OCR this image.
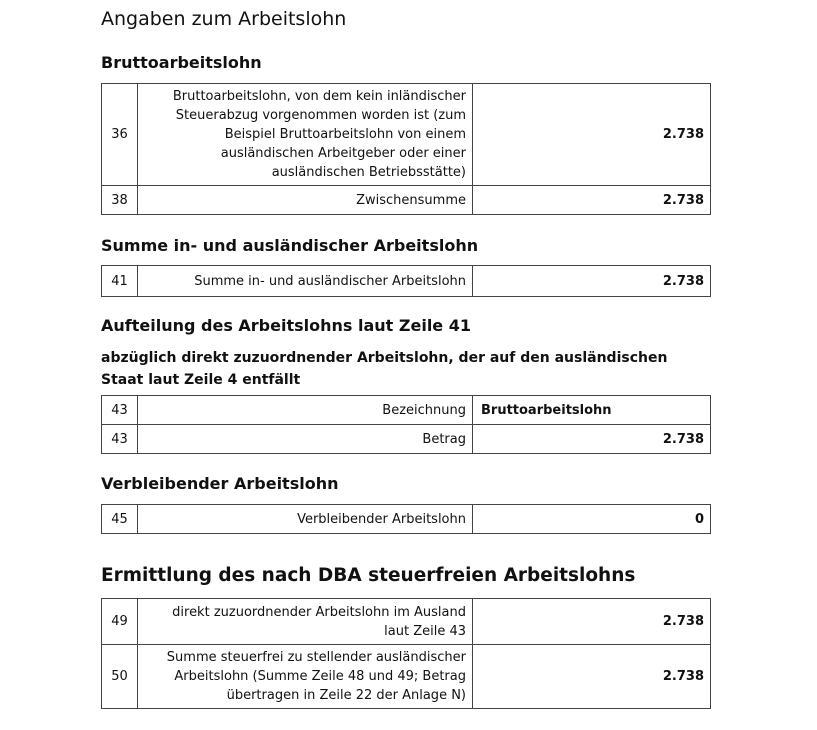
Angaben zum Arbeitslohn
Bruttoarbeitslohn
36	Bruttoarbeitslohn, von dem kein inländischer Steuerabzug vorgenommen worden ist (zum Beispiel Bruttoarbeitslohn von einem ausländischen Arbeitgeber oder einer ausländischen Betriebsstätte)	2.738
38	Zwischensumme	2.738
Summe in- und ausländischer Arbeitslohn
41	Summe in- und ausländischer Arbeitslohn	2.738
Aufteilung des Arbeitslohns laut Zeile 41
abzüglich direkt zuzuordnender Arbeitslohn, der auf den ausländischen Staat laut Zeile 4 entfällt
43	Bezeichnung	Bruttoarbeitslohn
43	Betrag	2.738
Verbleibender Arbeitslohn
45	Verbleibender Arbeitslohn	0
Ermittlung des nach DBA steuerfreien Arbeitslohns
49	direkt zuzuordnender Arbeitslohn im Ausland laut Zeile 43	2.738
50	Summe steuerfrei zu stellender ausländischer Arbeitslohn (Summe Zeile 48 und 49; Betrag übertragen in Zeile 22 der Anlage N)	2.738
